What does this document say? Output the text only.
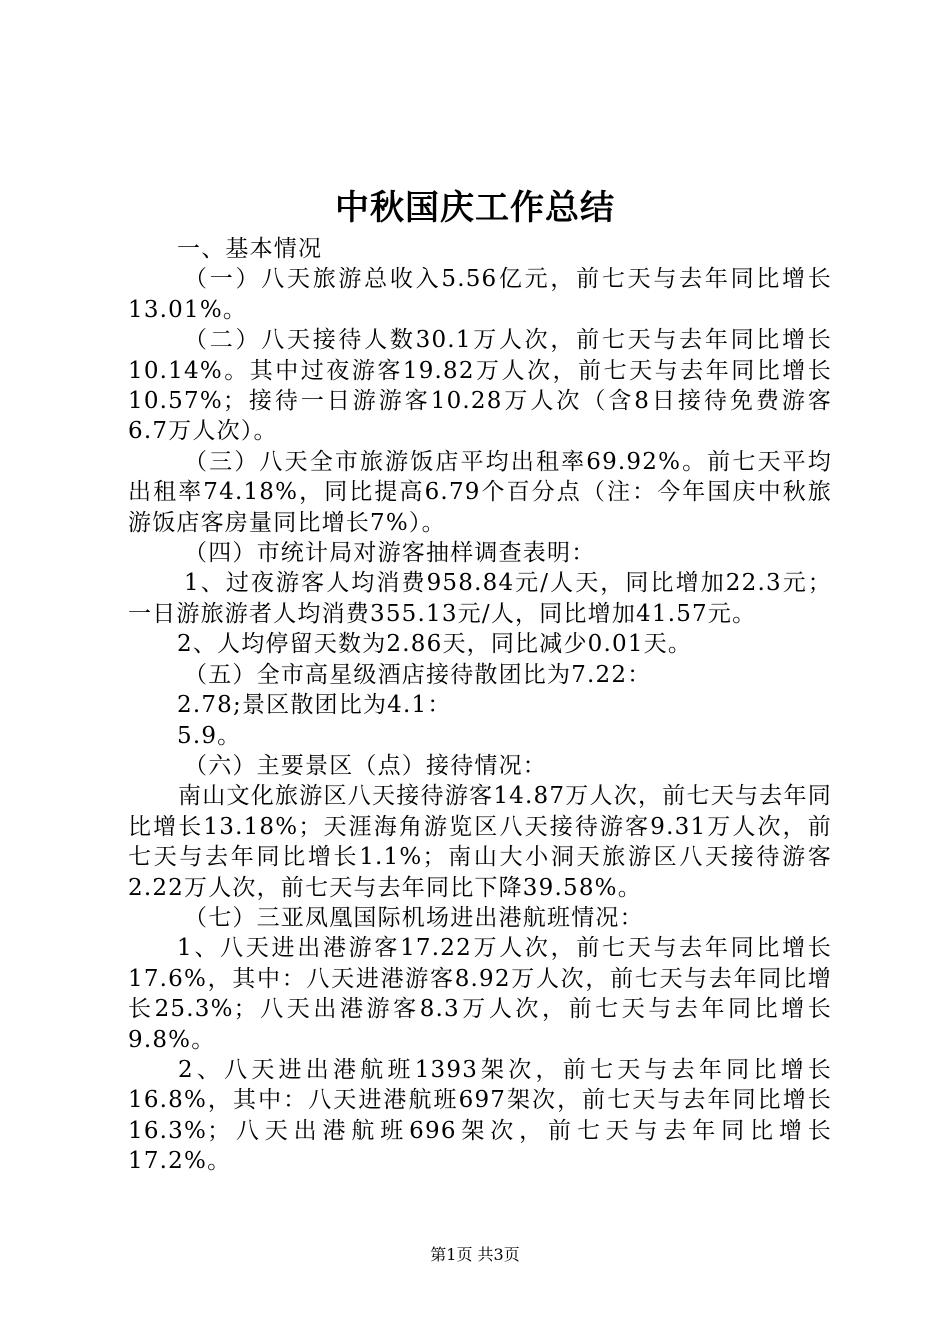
中秋国庆工作总结

一、基本情况

（一）八天旅游总收入5.56亿元，前七天与去年同比增长13.01%。

（二）八天接待人数30.1万人次，前七天与去年同比增长10.14%。其中过夜游客19.82万人次，前七天与去年同比增长10.57%；接待一日游游客10.28万人次（含8日接待免费游客6.7万人次）。

（三）八天全市旅游饭店平均出租率69.92%。前七天平均出租率74.18%，同比提高6.79个百分点（注：今年国庆中秋旅游饭店客房量同比增长7%）。

（四）市统计局对游客抽样调查表明：

1、过夜游客人均消费958.84元/人天，同比增加22.3元；一日游旅游者人均消费355.13元/人，同比增加41.57元。

2、人均停留天数为2.86天，同比减少0.01天。

（五）全市高星级酒店接待散团比为7.22：

2.78;景区散团比为4.1：

5.9。

（六）主要景区（点）接待情况：

南山文化旅游区八天接待游客14.87万人次，前七天与去年同比增长13.18%；天涯海角游览区八天接待游客9.31万人次，前七天与去年同比增长1.1%；南山大小洞天旅游区八天接待游客2.22万人次，前七天与去年同比下降39.58%。

（七）三亚凤凰国际机场进出港航班情况：

1、八天进出港游客17.22万人次，前七天与去年同比增长17.6%，其中：八天进港游客8.92万人次，前七天与去年同比增长25.3%；八天出港游客8.3万人次，前七天与去年同比增长9.8%。

2、八天进出港航班1393架次，前七天与去年同比增长16.8%，其中：八天进港航班697架次，前七天与去年同比增长16.3%；八天出港航班696架次，前七天与去年同比增长17.2%。

第1页 共3页
